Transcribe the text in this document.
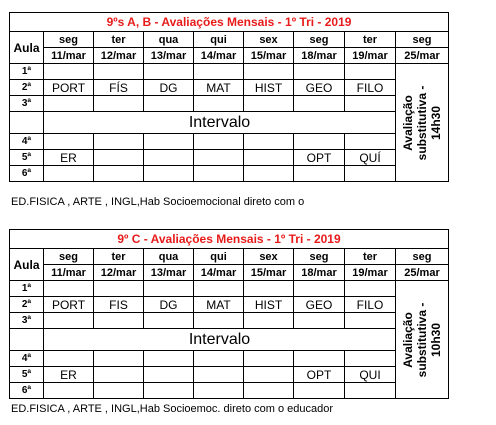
9ºs A, B - Avaliações Mensais - 1º Tri - 2019								
Aula	seg	ter	qua	qui	sex	seg	ter	seg
	11/mar	12/mar	13/mar	14/mar	15/mar	18/mar	19/mar	25/mar
1ª								Avaliação substitutiva - 14h30

2ª	PORT	FÍS	DG	MAT	HIST	GEO	FILO	
3ª								
	Intervalo							
4ª								
5ª	ER					OPT	QUÍ	
6ª								
ED.FISICA , ARTE , INGL,Hab Socioemocional direto com o
9º C - Avaliações Mensais - 1º Tri - 2019								
Aula	seg	ter	qua	qui	sex	seg	ter	seg
	11/mar	12/mar	13/mar	14/mar	15/mar	18/mar	19/mar	25/mar
1ª								Avaliação substitutiva - 10h30

2ª	PORT	FIS	DG	MAT	HIST	GEO	FILO	
3ª								
	Intervalo							
4ª								
5ª	ER					OPT	QUI	
6ª								
ED.FISICA , ARTE , INGL,Hab Socioemoc. direto com o educador
